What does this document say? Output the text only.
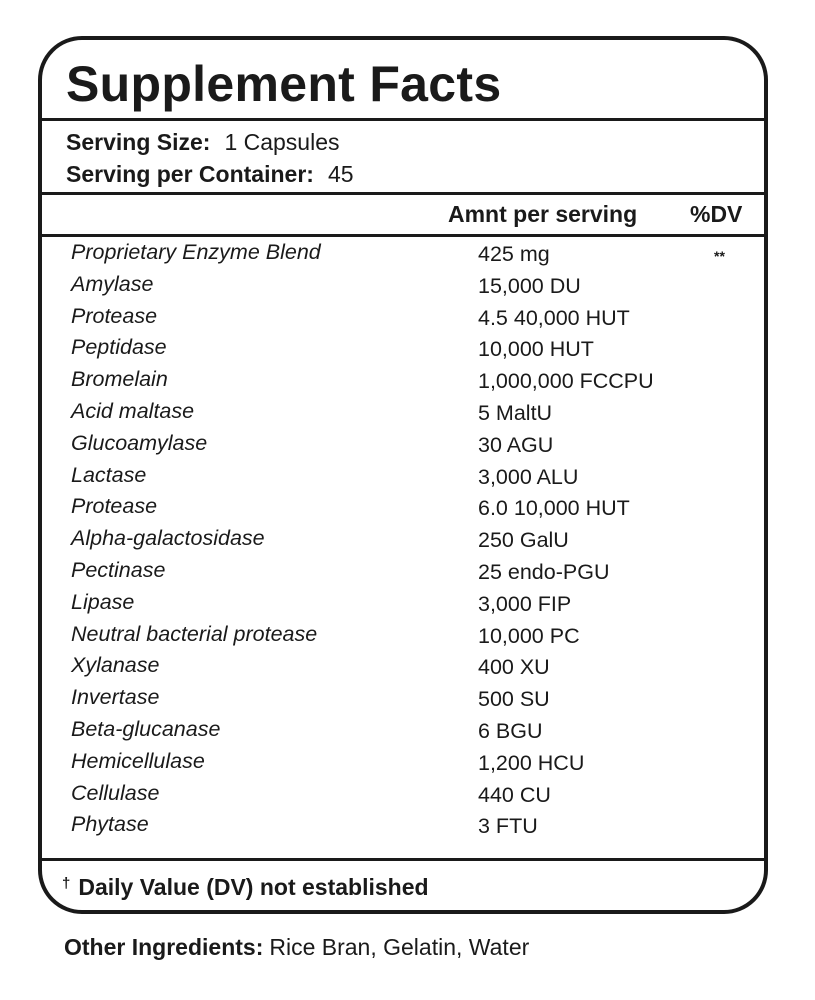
Supplement Facts
Serving Size: 1 Capsules
Serving per Container: 45
Amnt per serving %DV
Proprietary Enzyme Blend	425 mg	**
Amylase	15,000 DU
Protease	4.5 40,000 HUT
Peptidase	10,000 HUT
Bromelain	1,000,000 FCCPU
Acid maltase	5 MaltU
Glucoamylase	30 AGU
Lactase	3,000 ALU
Protease	6.0 10,000 HUT
Alpha-galactosidase	250 GalU
Pectinase	25 endo-PGU
Lipase	3,000 FIP
Neutral bacterial protease	10,000 PC
Xylanase	400 XU
Invertase	500 SU
Beta-glucanase	6 BGU
Hemicellulase	1,200 HCU
Cellulase	440 CU
Phytase	3 FTU
† Daily Value (DV) not established
Other Ingredients: Rice Bran, Gelatin, Water
